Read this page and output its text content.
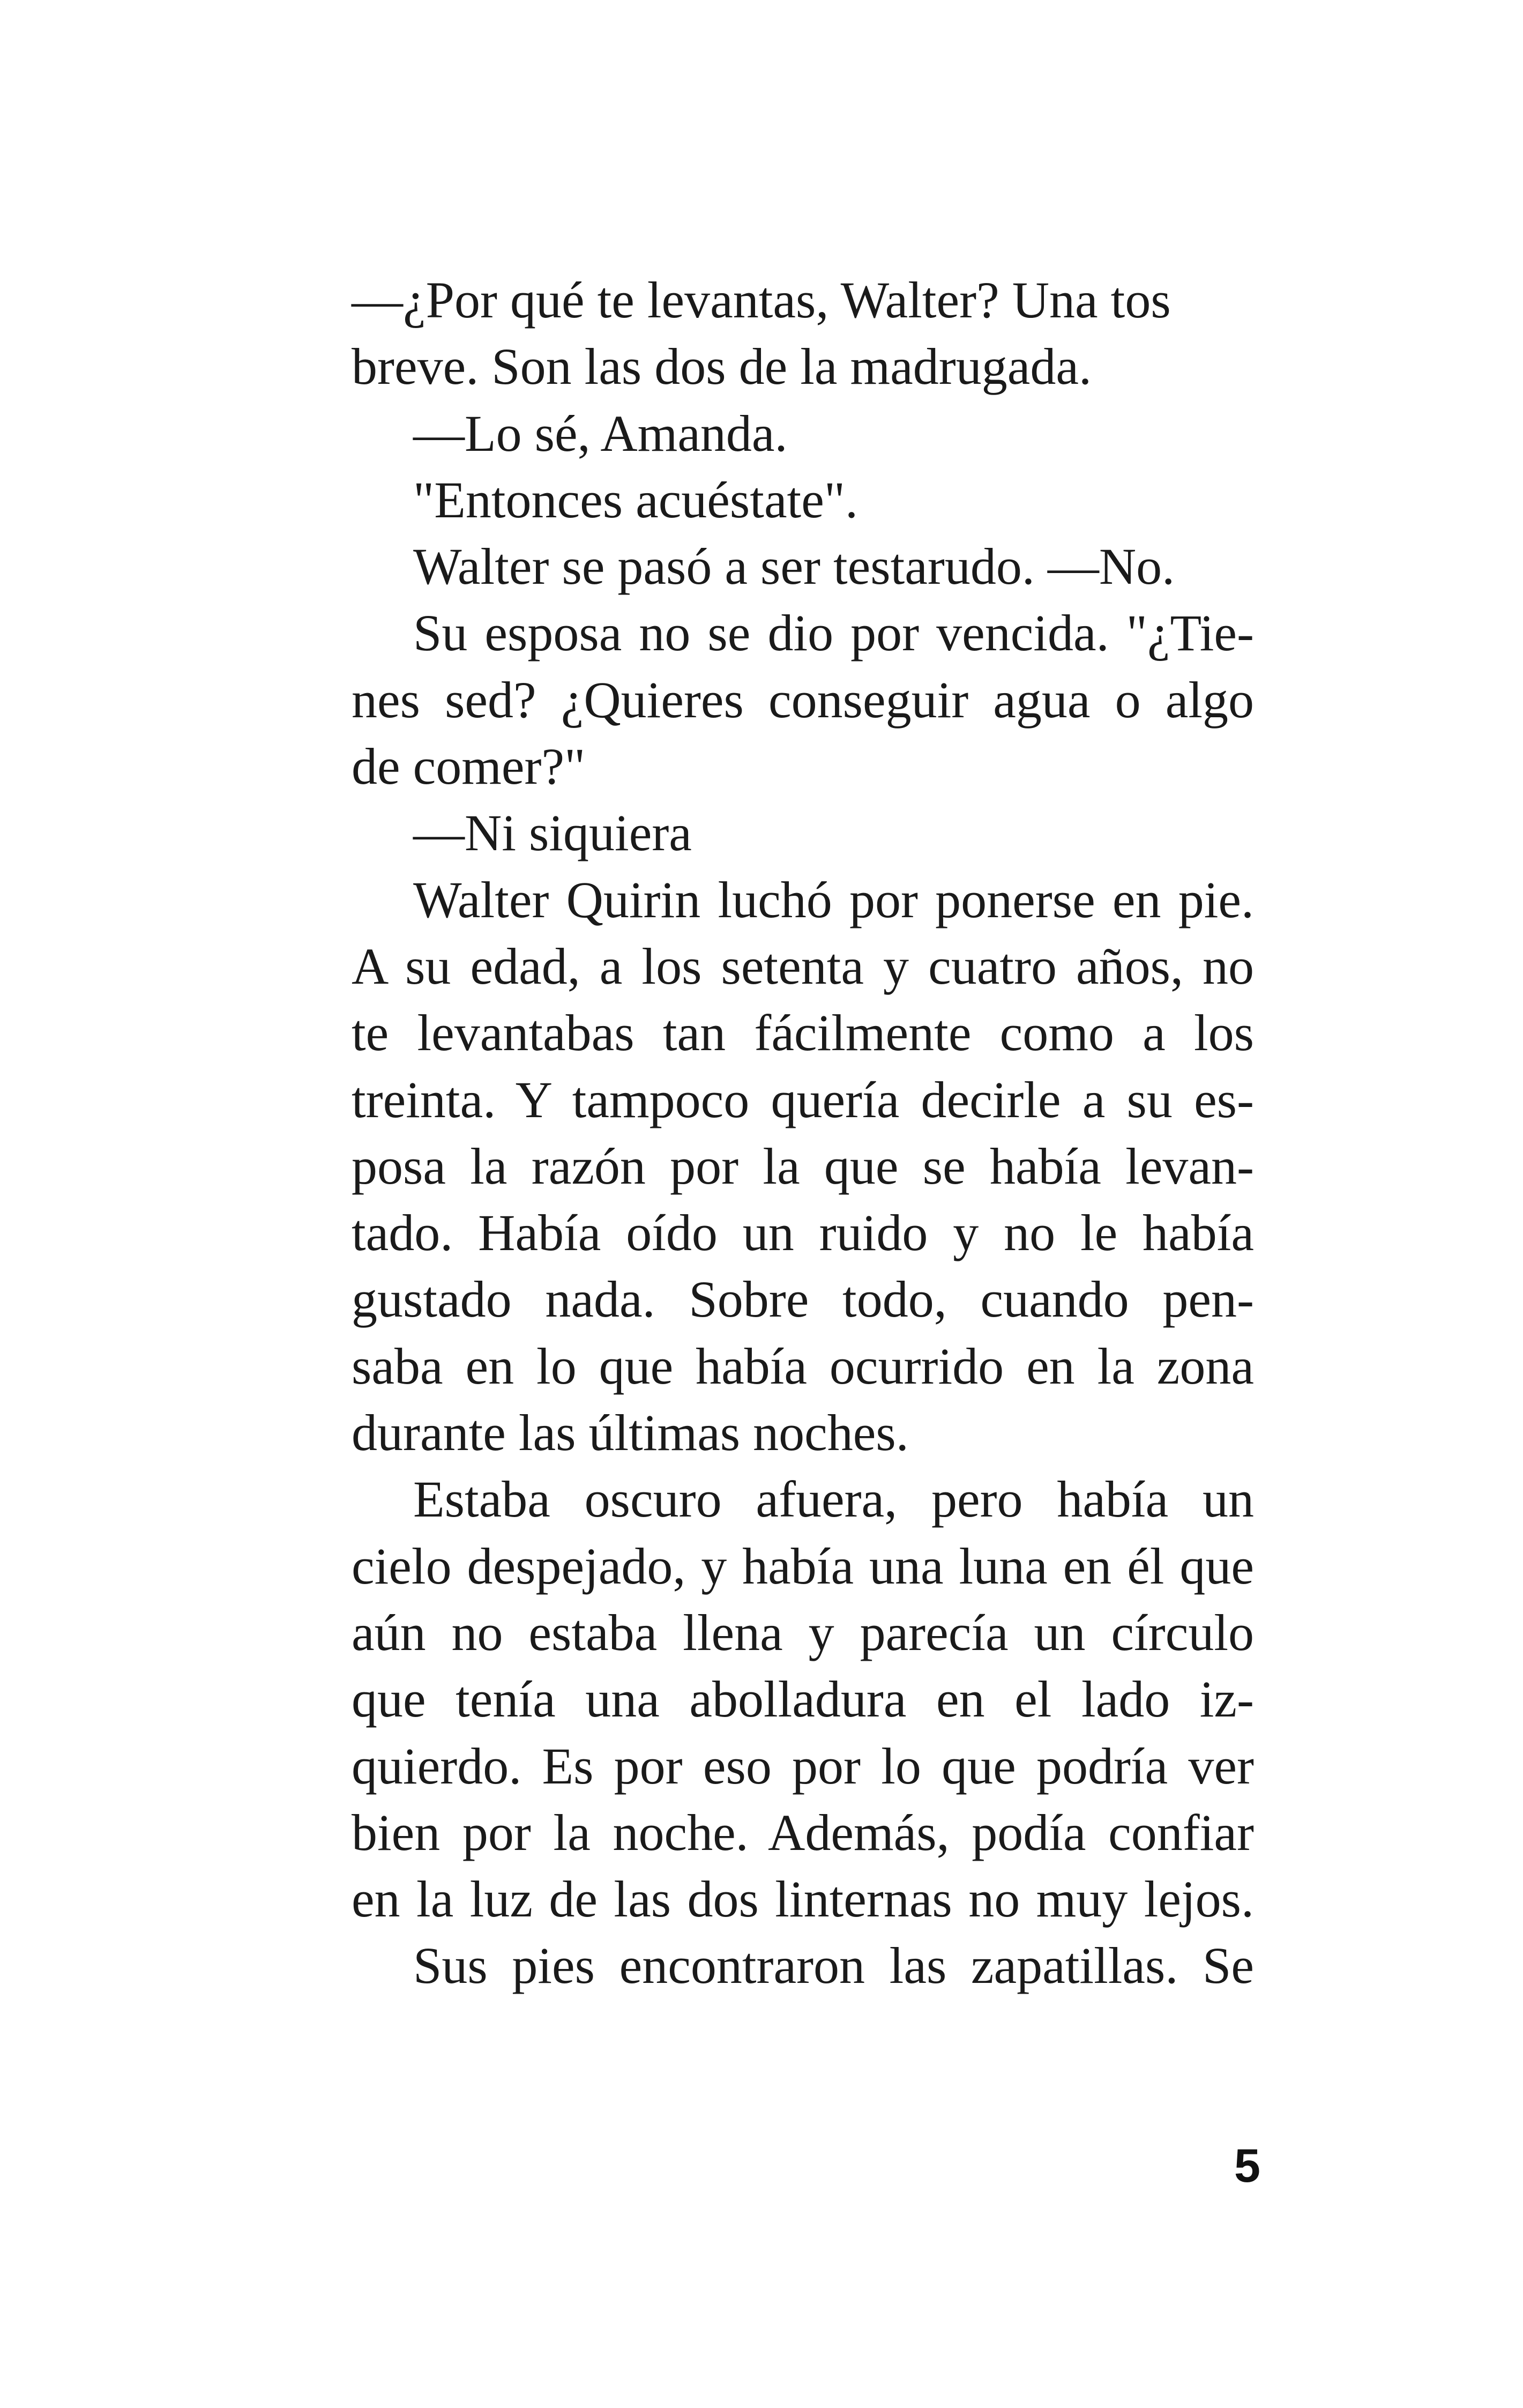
—¿Por qué te levantas, Walter? Una tos
breve. Son las dos de la madrugada.
—Lo sé, Amanda.
"Entonces acuéstate".
Walter se pasó a ser testarudo. —No.
Su esposa no se dio por vencida. "¿Tie-
nes sed? ¿Quieres conseguir agua o algo
de comer?"
—Ni siquiera
Walter Quirin luchó por ponerse en pie.
A su edad, a los setenta y cuatro años, no
te levantabas tan fácilmente como a los
treinta. Y tampoco quería decirle a su es-
posa la razón por la que se había levan-
tado. Había oído un ruido y no le había
gustado nada. Sobre todo, cuando pen-
saba en lo que había ocurrido en la zona
durante las últimas noches.
Estaba oscuro afuera, pero había un
cielo despejado, y había una luna en él que
aún no estaba llena y parecía un círculo
que tenía una abolladura en el lado iz-
quierdo. Es por eso por lo que podría ver
bien por la noche. Además, podía confiar
en la luz de las dos linternas no muy lejos.
Sus pies encontraron las zapatillas. Se
5
